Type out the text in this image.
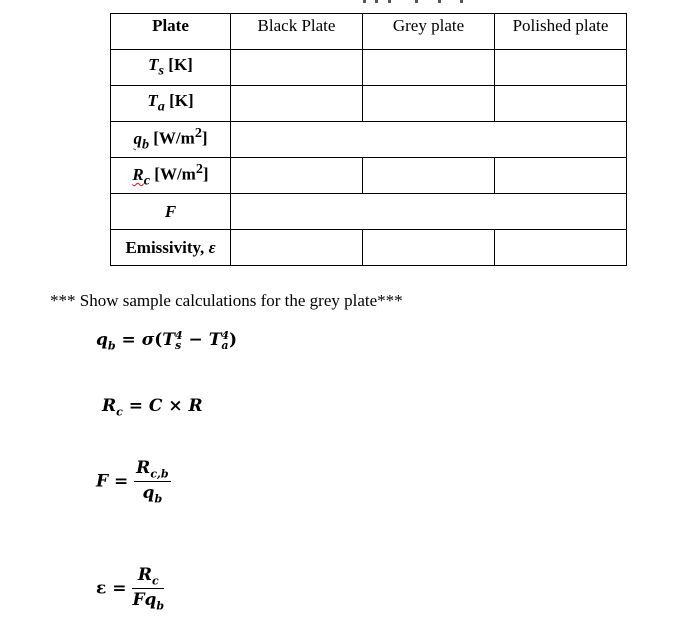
Plate	Black Plate	Grey plate	Polished plate
$T_s$ [K]			
$T_a$ [K]			
$q_b$ $[W/m^2]$			
$R_c$ $[W/m^2]$			
F			
Emissivity, ε			
*** Show sample calculations for the grey plate***
$q_b = \sigma(T$ 4
s − T 4
a )
$R_c = C \times R$
$F = \frac{R_{c,b}}{q_b}$
$\varepsilon = \frac{R_c}{Fq_b}$
